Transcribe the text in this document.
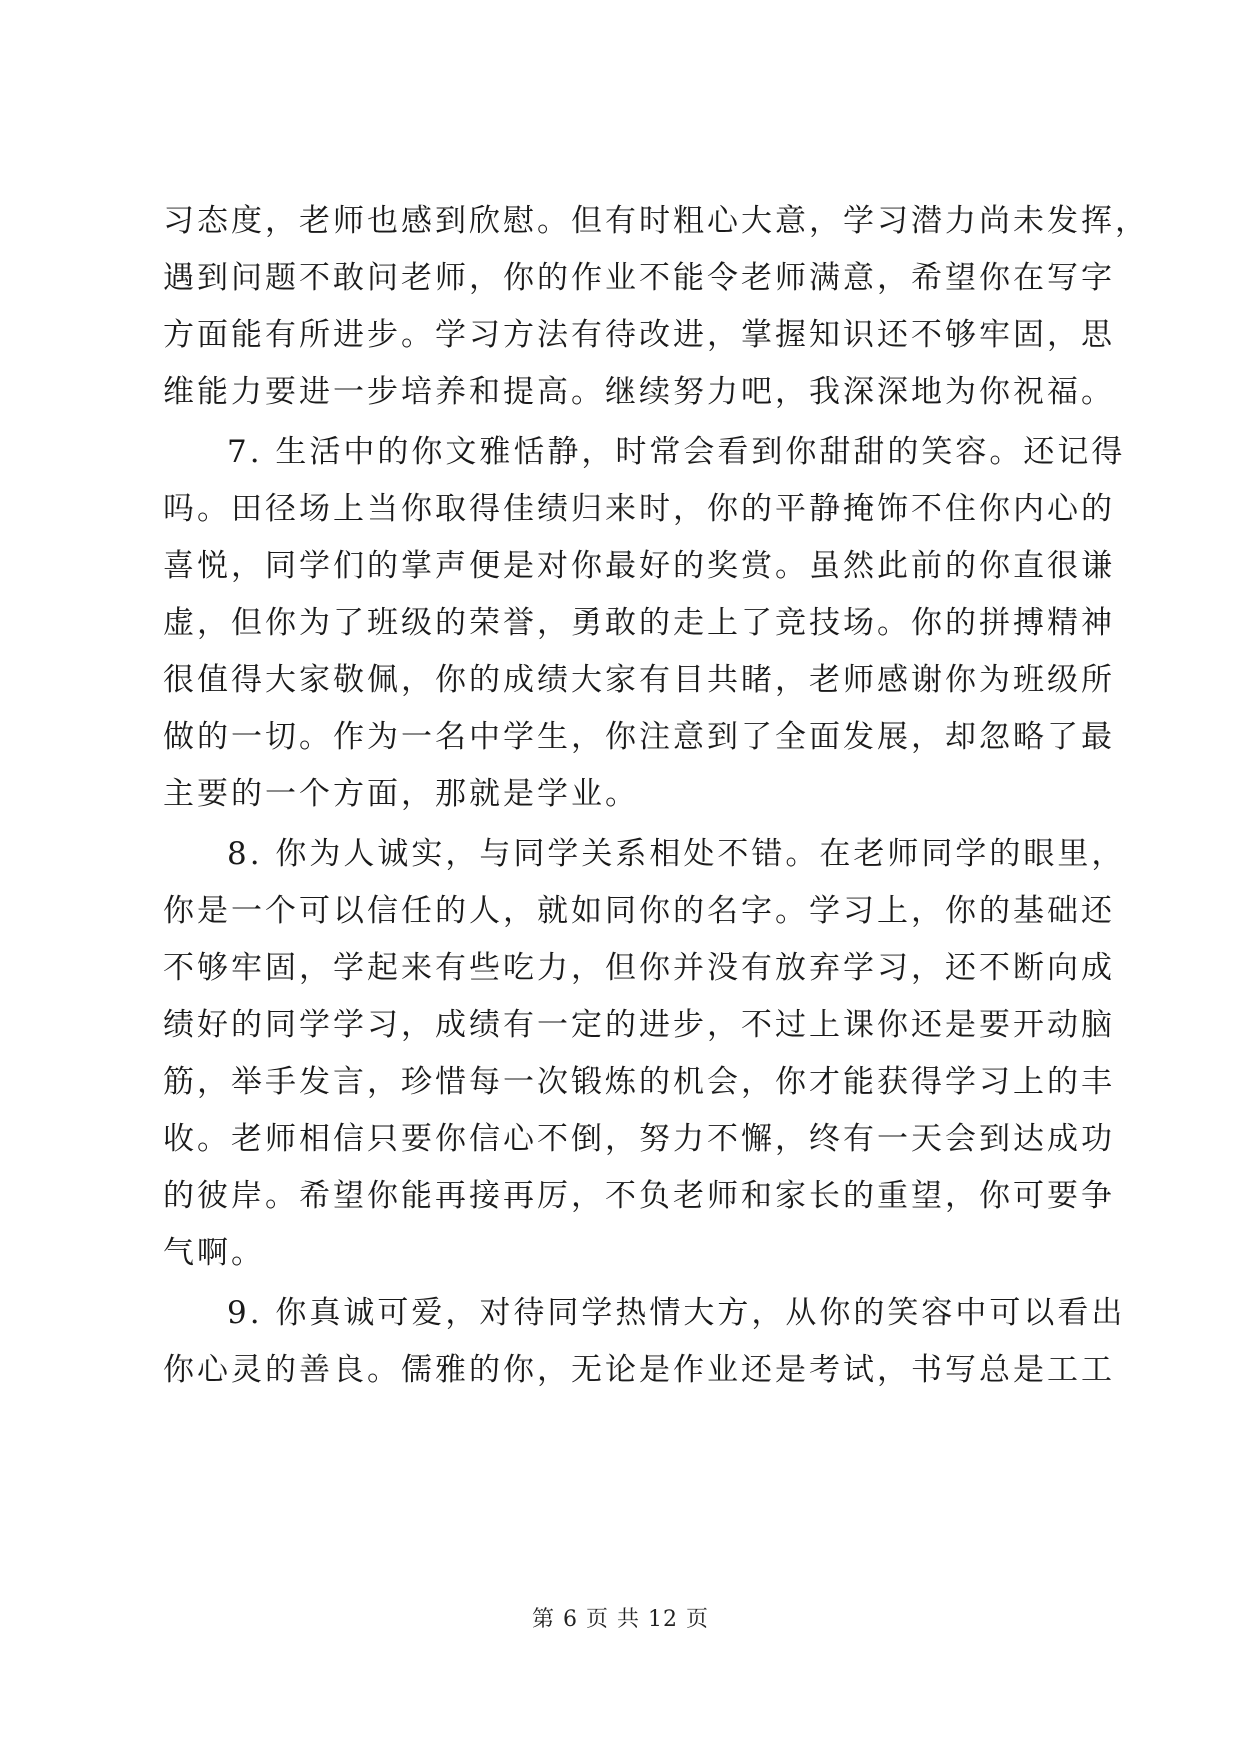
习态度，老师也感到欣慰。但有时粗心大意，学习潜力尚未发挥，
遇到问题不敢问老师，你的作业不能令老师满意，希望你在写字
方面能有所进步。学习方法有待改进，掌握知识还不够牢固，思
维能力要进一步培养和提高。继续努力吧，我深深地为你祝福。
7. 生活中的你文雅恬静，时常会看到你甜甜的笑容。还记得
吗。田径场上当你取得佳绩归来时，你的平静掩饰不住你内心的
喜悦，同学们的掌声便是对你最好的奖赏。虽然此前的你直很谦
虚，但你为了班级的荣誉，勇敢的走上了竞技场。你的拼搏精神
很值得大家敬佩，你的成绩大家有目共睹，老师感谢你为班级所
做的一切。作为一名中学生，你注意到了全面发展，却忽略了最
主要的一个方面，那就是学业。
8. 你为人诚实，与同学关系相处不错。在老师同学的眼里，
你是一个可以信任的人，就如同你的名字。学习上，你的基础还
不够牢固，学起来有些吃力，但你并没有放弃学习，还不断向成
绩好的同学学习，成绩有一定的进步，不过上课你还是要开动脑
筋，举手发言，珍惜每一次锻炼的机会，你才能获得学习上的丰
收。老师相信只要你信心不倒，努力不懈，终有一天会到达成功
的彼岸。希望你能再接再厉，不负老师和家长的重望，你可要争
气啊。
9. 你真诚可爱，对待同学热情大方，从你的笑容中可以看出
你心灵的善良。儒雅的你，无论是作业还是考试，书写总是工工
第 6 页 共 12 页
